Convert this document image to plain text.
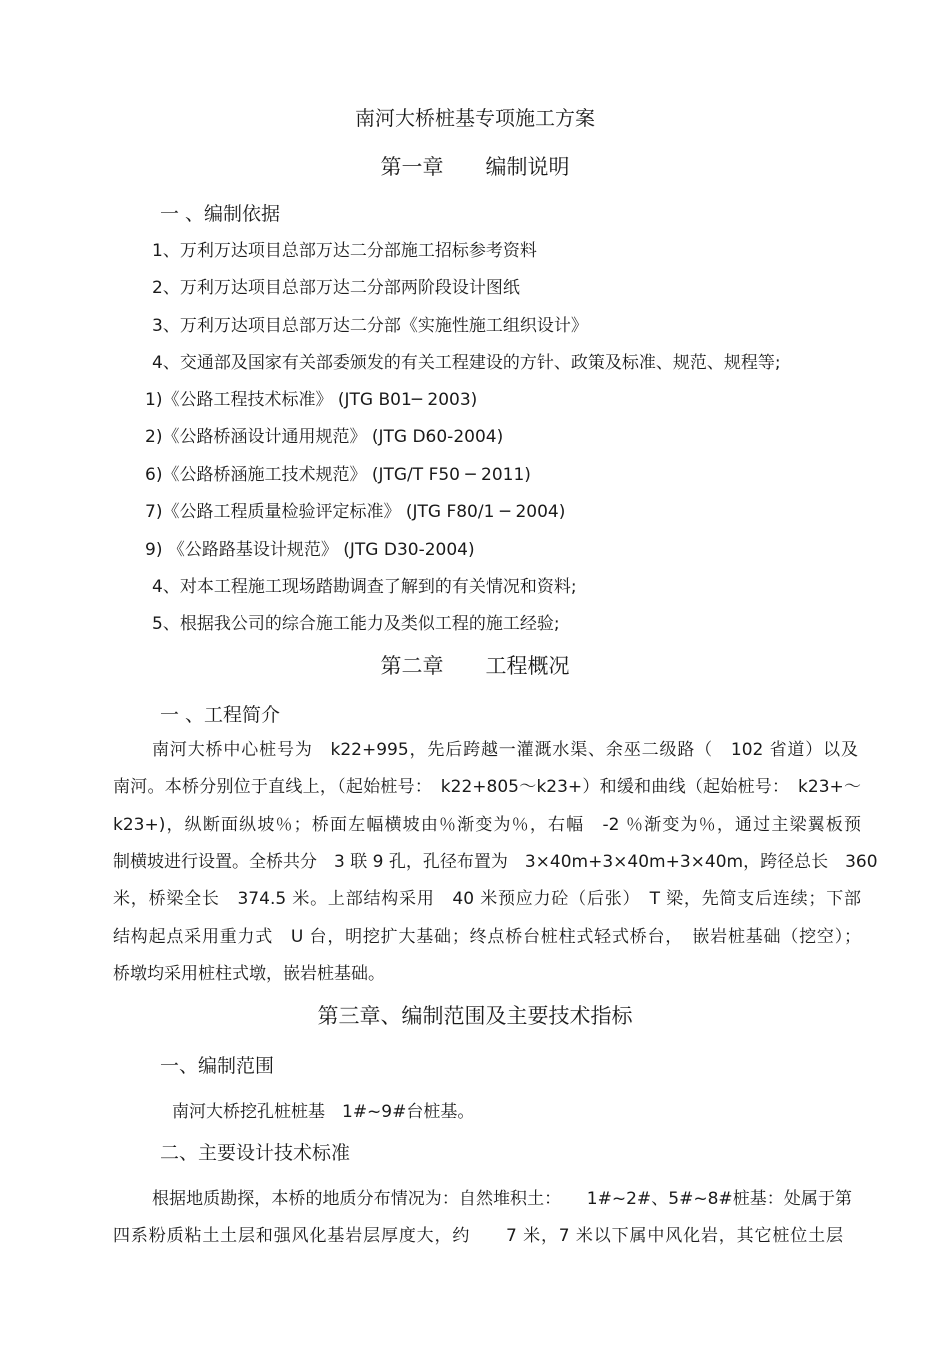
南河大桥桩基专项施工方案
第一章　　编制说明
一 、编制依据
1、万利万达项目总部万达二分部施工招标参考资料
2、万利万达项目总部万达二分部两阶段设计图纸
3、万利万达项目总部万达二分部《实施性施工组织设计》
4、交通部及国家有关部委颁发的有关工程建设的方针、政策及标准、规范、规程等;
1)《公路工程技术标准》 (JTG B01─ 2003)
2)《公路桥涵设计通用规范》 (JTG D60-2004)
6)《公路桥涵施工技术规范》 (JTG/T F50 ─ 2011)
7)《公路工程质量检验评定标准》 (JTG F80/1 ─ 2004)
9) 《公路路基设计规范》 (JTG D30-2004)
4、对本工程施工现场踏勘调查了解到的有关情况和资料;
5、根据我公司的综合施工能力及类似工程的施工经验;
第二章　　工程概况
一 、工程简介
南河大桥中心桩号为　k22+995，先后跨越一灌溉水渠、余巫二级路（　102 省道）以及
南河。本桥分别位于直线上，（起始桩号：　k22+805～k23+）和缓和曲线（起始桩号：　k23+～
k23+)，纵断面纵坡％；桥面左幅横坡由％渐变为％，右幅　-2 ％渐变为％，通过主梁翼板预
制横坡进行设置。全桥共分　3 联 9 孔，孔径布置为　3×40m+3×40m+3×40m，跨径总长　360
米，桥梁全长　374.5 米。上部结构采用　40 米预应力砼（后张）　T 梁，先简支后连续；下部
结构起点采用重力式　U 台，明挖扩大基础；终点桥台桩柱式轻式桥台，　嵌岩桩基础（挖空）；
桥墩均采用桩柱式墩，嵌岩桩基础。
第三章、编制范围及主要技术指标
一、编制范围
南河大桥挖孔桩桩基　1#~9#台桩基。
二、主要设计技术标准
根据地质勘探，本桥的地质分布情况为：自然堆积土：　　1#~2#、5#~8#桩基：处属于第
四系粉质粘土土层和强风化基岩层厚度大，约　　7 米，7 米以下属中风化岩，其它桩位土层
